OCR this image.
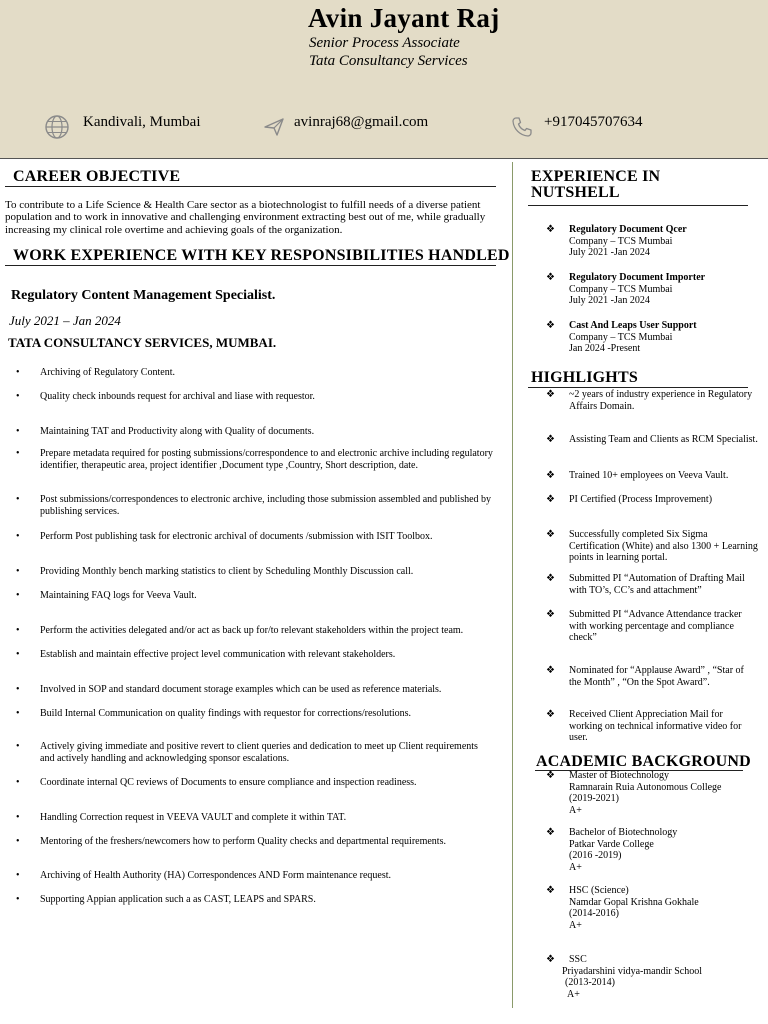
Avin Jayant Raj
Senior Process Associate
Tata Consultancy Services
Kandivali, Mumbai	avinraj68@gmail.com	+917045707634
CAREER OBJECTIVE
To contribute to a Life Science & Health Care sector as a biotechnologist to fulfill needs of a diverse patient population and to work in innovative and challenging environment extracting best out of me, while gradually increasing my clinical role overtime and achieving goals of the organization.
WORK EXPERIENCE WITH KEY RESPONSIBILITIES HANDLED
Regulatory Content Management Specialist.
July 2021 – Jan 2024
TATA CONSULTANCY SERVICES, MUMBAI.
• Archiving of Regulatory Content.
• Quality check inbounds request for archival and liase with requestor.
• Maintaining TAT and Productivity along with Quality of documents.
• Prepare metadata required for posting submissions/correspondence to and electronic archive including regulatory identifier, therapeutic area, project identifier ,Document type ,Country, Short description, date.
• Post submissions/correspondences to electronic archive, including those submission assembled and published by publishing services.
• Perform Post publishing task for electronic archival of documents /submission with ISIT Toolbox.
• Providing Monthly bench marking statistics to client by Scheduling Monthly Discussion call.
• Maintaining FAQ logs for Veeva Vault.
• Perform the activities delegated and/or act as back up for/to relevant stakeholders within the project team.
• Establish and maintain effective project level communication with relevant stakeholders.
• Involved in SOP and standard document storage examples which can be used as reference materials.
• Build Internal Communication on quality findings with requestor for corrections/resolutions.
• Actively giving immediate and positive revert to client queries and dedication to meet up Client requirements and actively handling and acknowledging sponsor escalations.
• Coordinate internal QC reviews of Documents to ensure compliance and inspection readiness.
• Handling Correction request in VEEVA VAULT and complete it within TAT.
• Mentoring of the freshers/newcomers how to perform Quality checks and departmental requirements.
• Archiving of Health Authority (HA) Correspondences AND Form maintenance request.
• Supporting Appian application such a as CAST, LEAPS and SPARS.
EXPERIENCE IN
NUTSHELL
❖ Regulatory Document Qcer
Company – TCS Mumbai
July 2021 -Jan 2024
❖ Regulatory Document Importer
Company – TCS Mumbai
July 2021 -Jan 2024
❖ Cast And Leaps User Support
Company – TCS Mumbai
Jan 2024 -Present
HIGHLIGHTS
❖ ~2 years of industry experience in Regulatory Affairs Domain.
❖ Assisting Team and Clients as RCM Specialist.
❖ Trained 10+ employees on Veeva Vault.
❖ PI Certified (Process Improvement)
❖ Successfully completed Six Sigma Certification (White) and also 1300 + Learning points in learning portal.
❖ Submitted PI “Automation of Drafting Mail with TO’s, CC’s and attachment”
❖ Submitted PI “Advance Attendance tracker with working percentage and compliance check”
❖ Nominated for “Applause Award” , “Star of the Month” , “On the Spot Award”.
❖ Received Client Appreciation Mail for working on technical informative video for user.
ACADEMIC BACKGROUND
❖ Master of Biotechnology
Ramnarain Ruia Autonomous College
(2019-2021)
A+
❖ Bachelor of Biotechnology
Patkar Varde College
(2016 -2019)
A+
❖ HSC (Science)
Namdar Gopal Krishna Gokhale
(2014-2016)
A+
❖ SSC
Priyadarshini vidya-mandir School
(2013-2014)
A+
